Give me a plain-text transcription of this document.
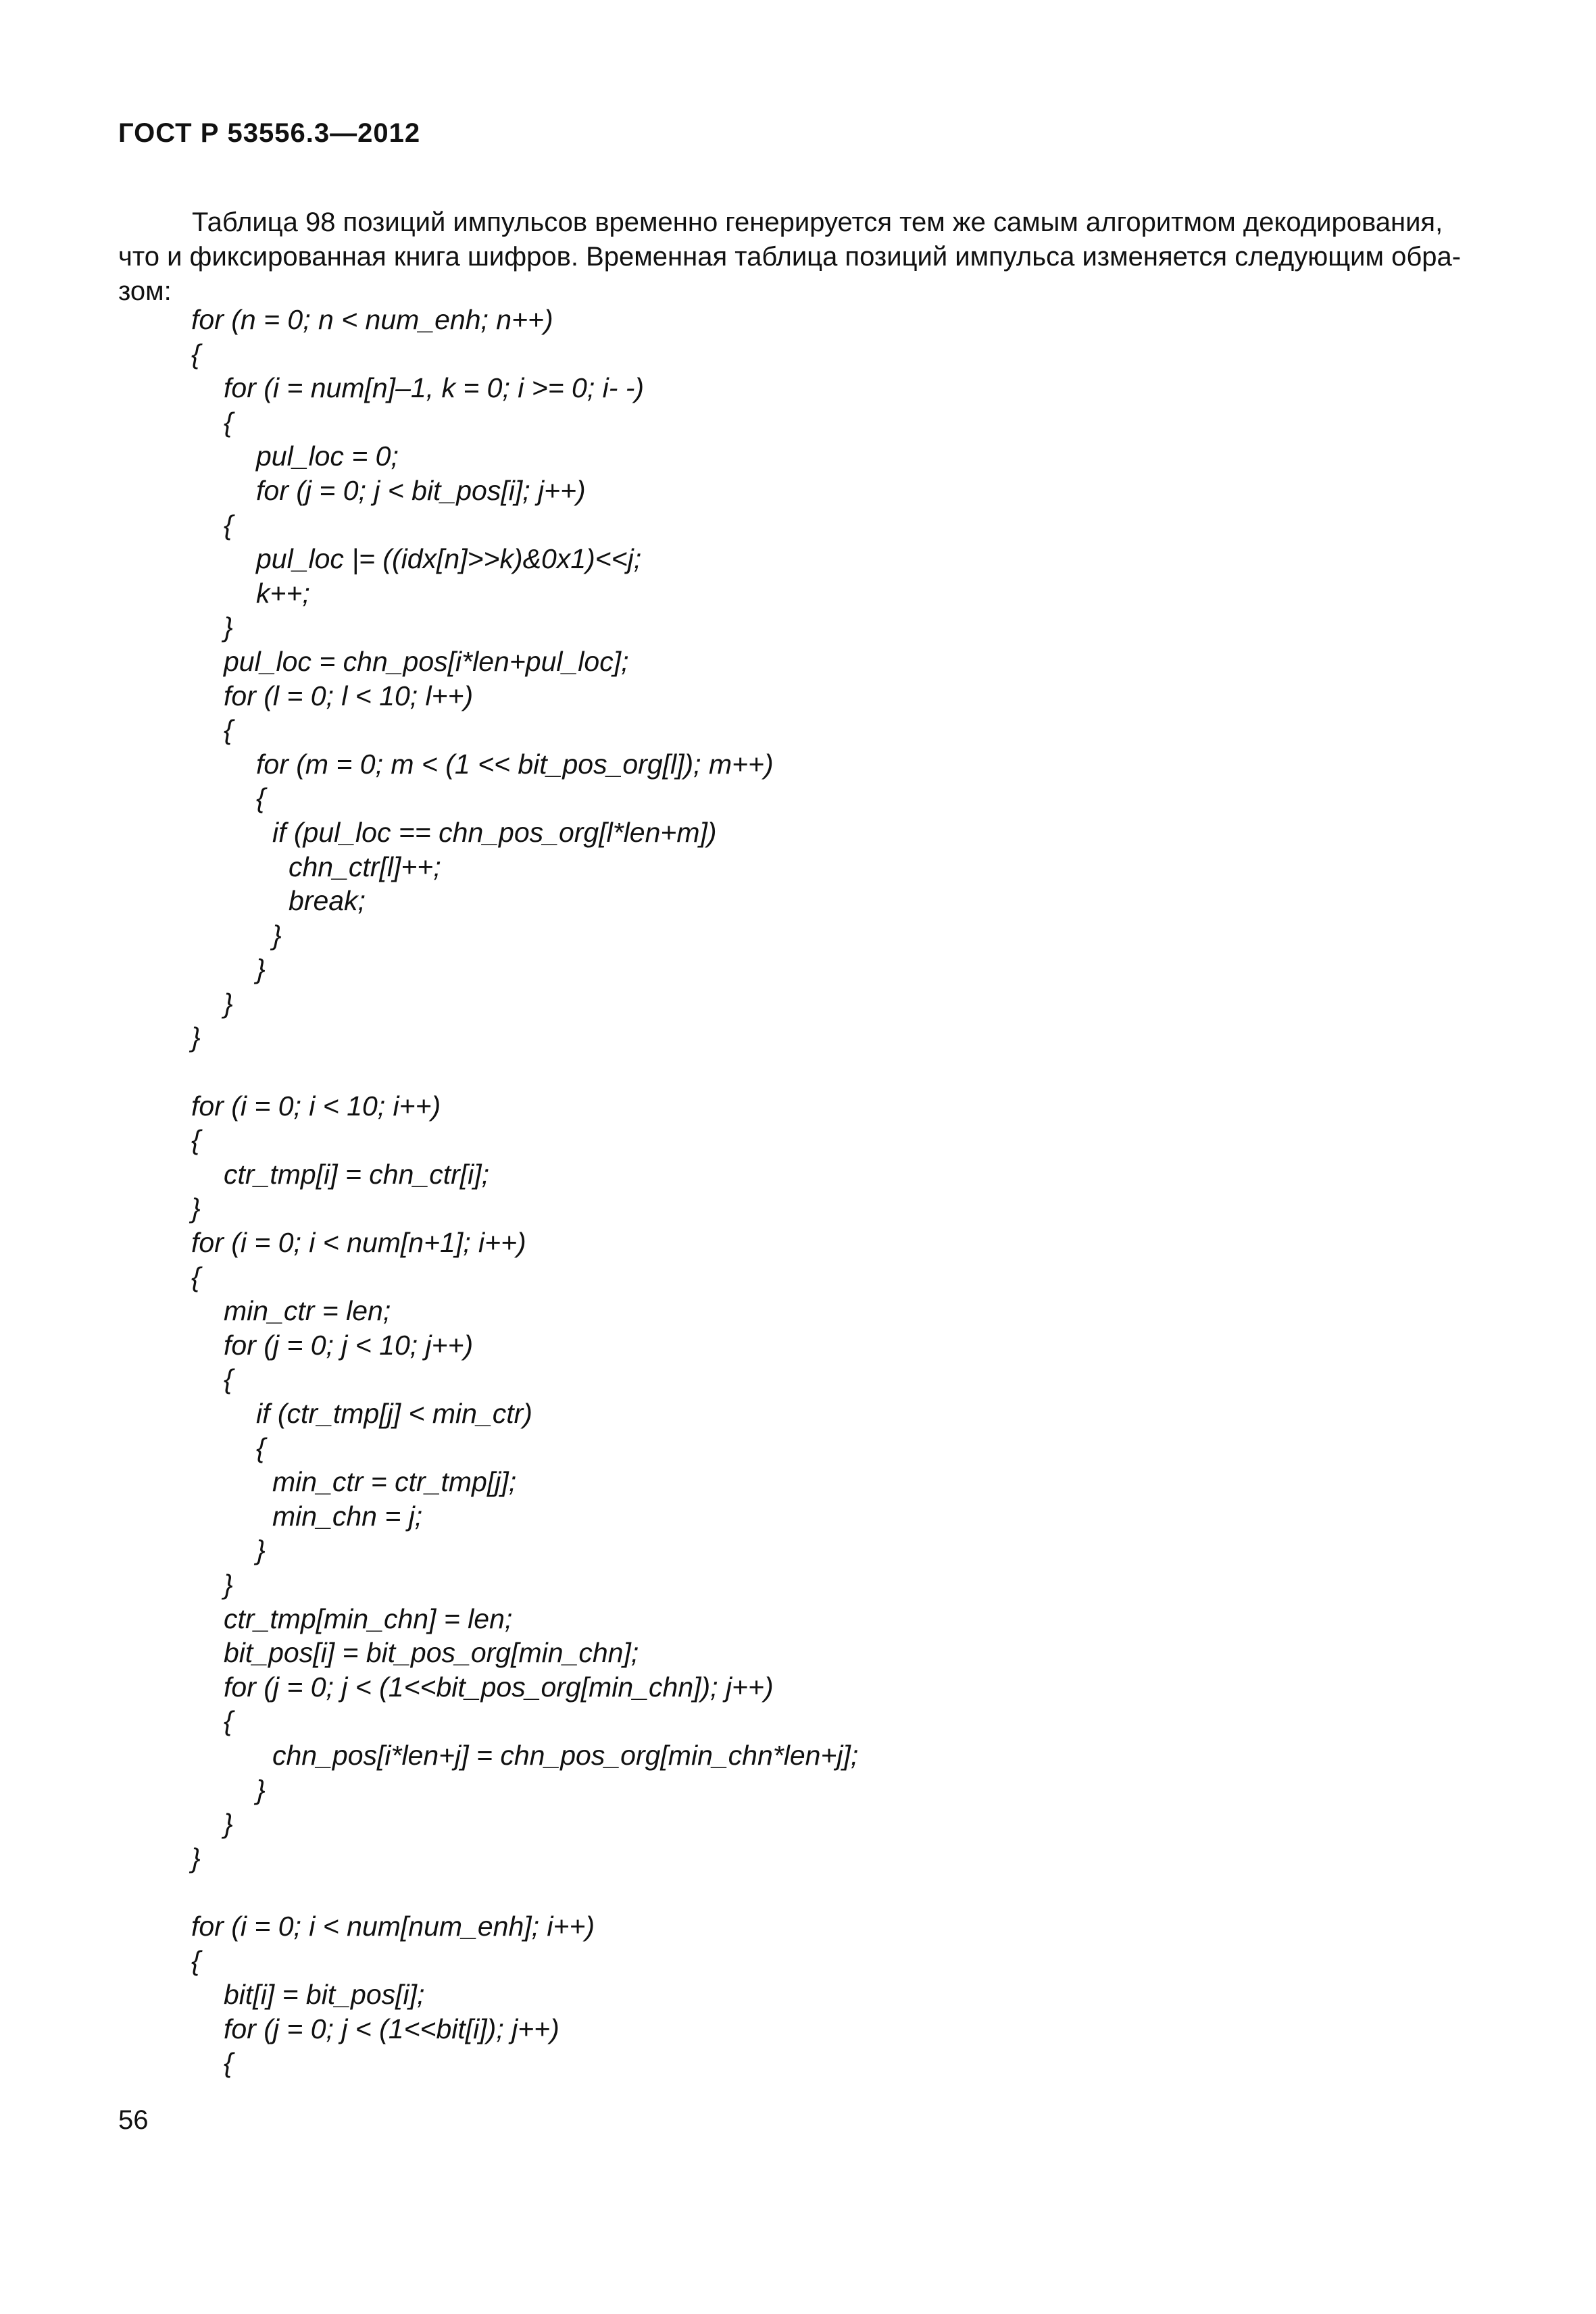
ГОСТ Р 53556.3—2012
Таблица 98 позиций импульсов временно генерируется тем же самым алгоритмом декодирования,
что и фиксированная книга шифров. Временная таблица позиций импульса изменяется следующим обра-
зом:
for (n = 0; n < num_enh; n++)
{
for (i = num[n]–1, k = 0; i >= 0; i- -)
{
pul_loc = 0;
for (j = 0; j < bit_pos[i]; j++)
{
pul_loc |= ((idx[n]>>k)&0x1)<<j;
k++;
}
pul_loc = chn_pos[i*len+pul_loc];
for (l = 0; l < 10; l++)
{
for (m = 0; m < (1 << bit_pos_org[l]); m++)
{
if (pul_loc == chn_pos_org[l*len+m])
chn_ctr[l]++;
break;
}
}
}
}
for (i = 0; i < 10; i++)
{
ctr_tmp[i] = chn_ctr[i];
}
for (i = 0; i < num[n+1]; i++)
{
min_ctr = len;
for (j = 0; j < 10; j++)
{
if (ctr_tmp[j] < min_ctr)
{
min_ctr = ctr_tmp[j];
min_chn = j;
}
}
ctr_tmp[min_chn] = len;
bit_pos[i] = bit_pos_org[min_chn];
for (j = 0; j < (1<<bit_pos_org[min_chn]); j++)
{
chn_pos[i*len+j] = chn_pos_org[min_chn*len+j];
}
}
}
for (i = 0; i < num[num_enh]; i++)
{
bit[i] = bit_pos[i];
for (j = 0; j < (1<<bit[i]); j++)
{
56
